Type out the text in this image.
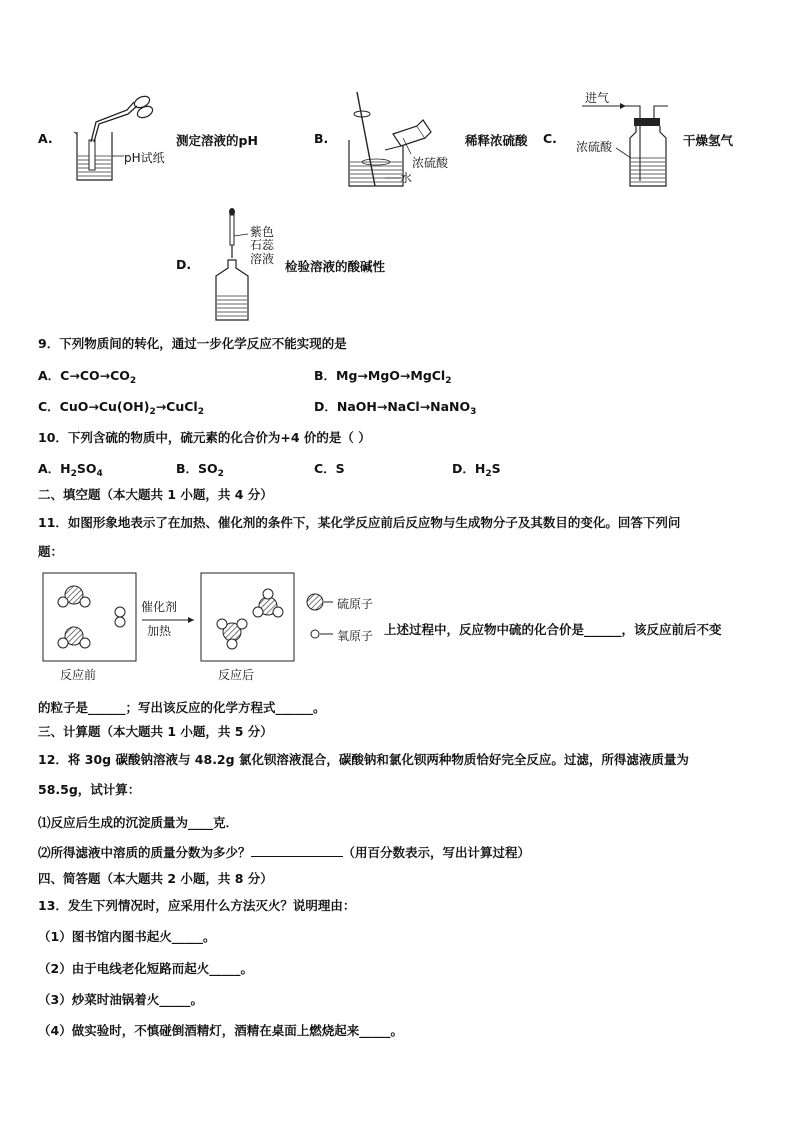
A.
pH试纸
测定溶液的pH	B.
浓硫酸
水
稀释浓硫酸 C.
进气
浓硫酸	干燥氢气
D.
紫色
石蕊
溶液 检验溶液的酸碱性
9．下列物质间的转化，通过一步化学反应不能实现的是
A．$C\to CO\to CO_2$	B．Mg→MgO→MgCl$_2$
C．$CuO\to Cu(OH)_2\to CuCl_2$	D．NaOH→NaCl→NaNO$_3$
10．下列含硫的物质中，硫元素的化合价为+4 价的是（ ）
A．$H_2SO_4$	B．$SO_2$	C．S	D．$H_2S$
二、填空题（本大题共 1 小题，共 4 分）
11．如图形象地表示了在加热、催化剂的条件下，某化学反应前后反应物与生成物分子及其数目的变化。回答下列问
题：
催化剂
加热
反应前	反应后
硫原子
氧原子 上述过程中，反应物中硫的化合价是______，该反应前后不变
的粒子是______；写出该反应的化学方程式______。
三、计算题（本大题共 1 小题，共 5 分）
12．将 30g 碳酸钠溶液与 48.2g 氯化钡溶液混合，碳酸钠和氯化钡两种物质恰好完全反应。过滤，所得滤液质量为
58.5g，试计算：
⑴反应后生成的沉淀质量为____克．
⑵所得滤液中溶质的质量分数为多少？	（用百分数表示，写出计算过程）
四、简答题（本大题共 2 小题，共 8 分）
13．发生下列情况时，应采用什么方法灭火？说明理由：
（1）图书馆内图书起火_____。
（2）由于电线老化短路而起火_____。
（3）炒菜时油锅着火_____。
（4）做实验时，不慎碰倒酒精灯，酒精在桌面上燃烧起来_____。
